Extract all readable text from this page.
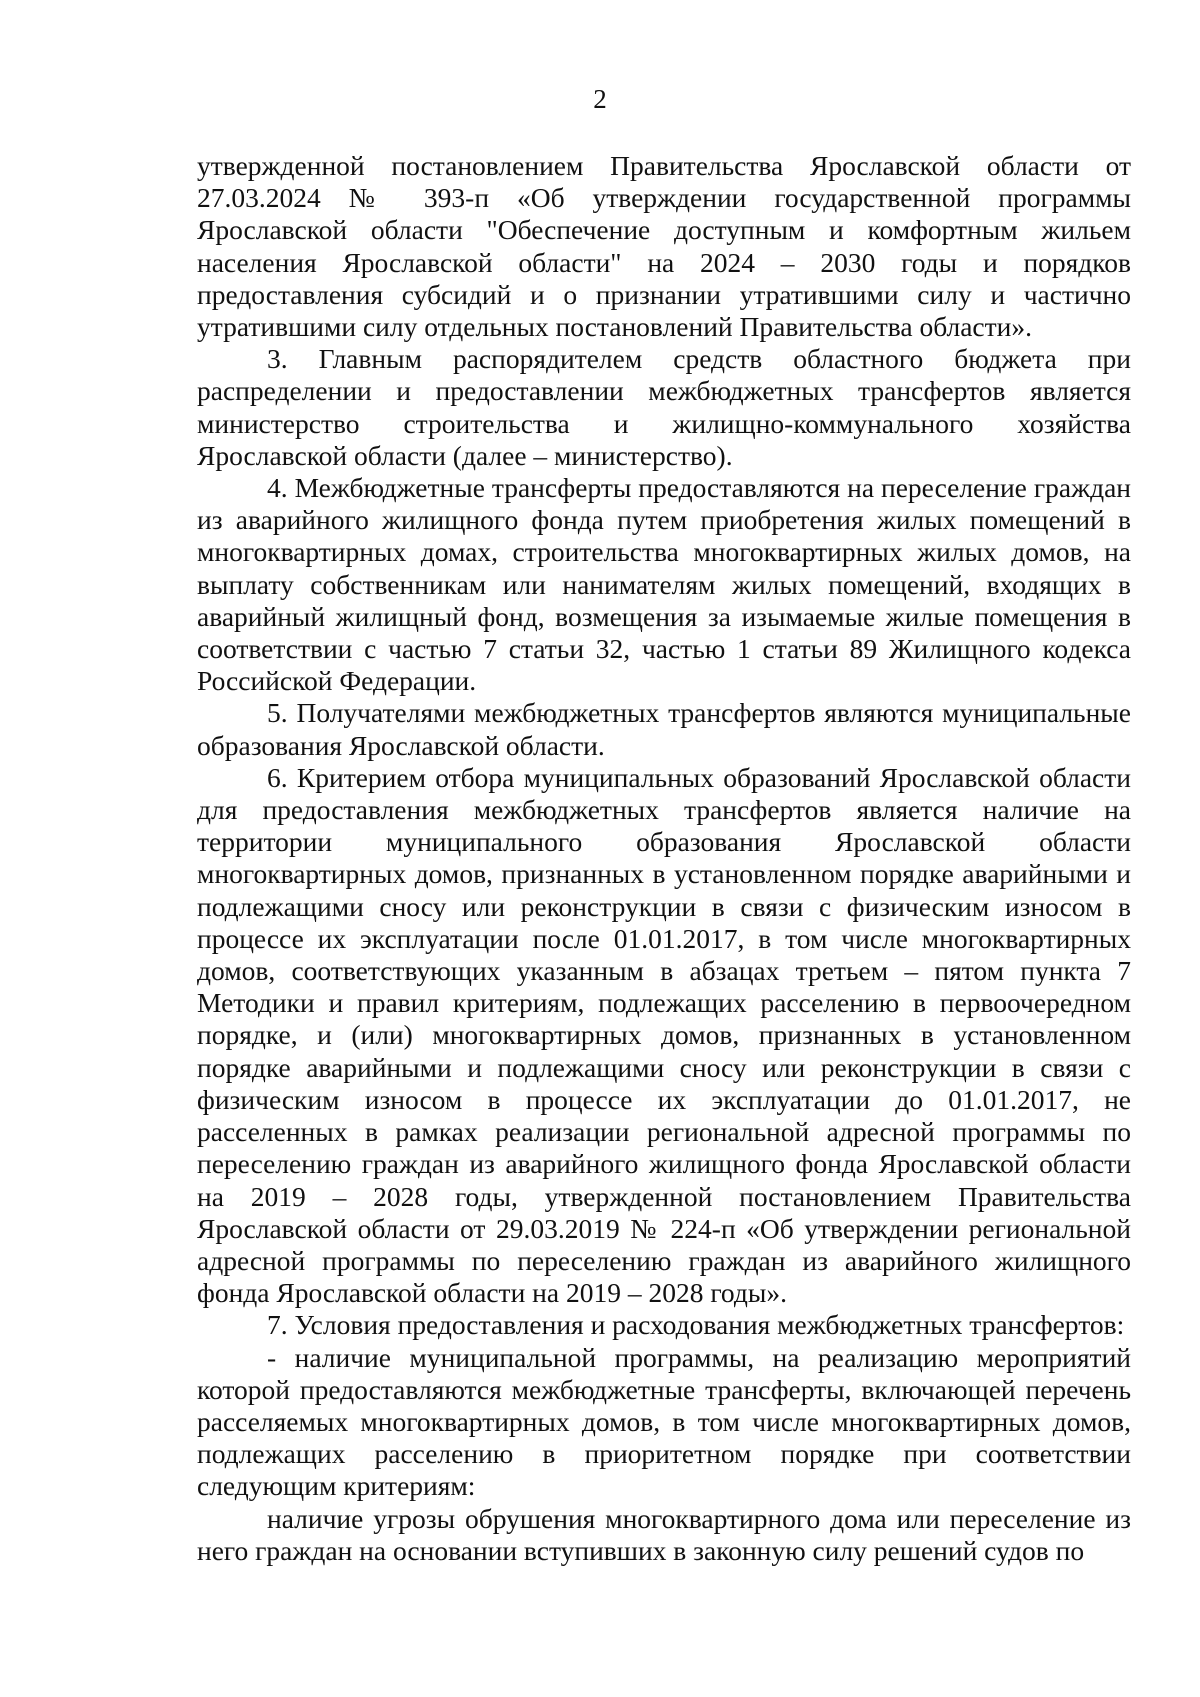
2

утвержденной постановлением Правительства Ярославской области от 27.03.2024 № 393-п «Об утверждении государственной программы Ярославской области "Обеспечение доступным и комфортным жильем населения Ярославской области" на 2024 – 2030 годы и порядков предоставления субсидий и о признании утратившими силу и частично утратившими силу отдельных постановлений Правительства области».

3. Главным распорядителем средств областного бюджета при распределении и предоставлении межбюджетных трансфертов является министерство строительства и жилищно-коммунального хозяйства Ярославской области (далее – министерство).

4. Межбюджетные трансферты предоставляются на переселение граждан из аварийного жилищного фонда путем приобретения жилых помещений в многоквартирных домах, строительства многоквартирных жилых домов, на выплату собственникам или нанимателям жилых помещений, входящих в аварийный жилищный фонд, возмещения за изымаемые жилые помещения в соответствии с частью 7 статьи 32, частью 1 статьи 89 Жилищного кодекса Российской Федерации.

5. Получателями межбюджетных трансфертов являются муниципальные образования Ярославской области.

6. Критерием отбора муниципальных образований Ярославской области для предоставления межбюджетных трансфертов является наличие на территории муниципального образования Ярославской области многоквартирных домов, признанных в установленном порядке аварийными и подлежащими сносу или реконструкции в связи с физическим износом в процессе их эксплуатации после 01.01.2017, в том числе многоквартирных домов, соответствующих указанным в абзацах третьем – пятом пункта 7 Методики и правил критериям, подлежащих расселению в первоочередном порядке, и (или) многоквартирных домов, признанных в установленном порядке аварийными и подлежащими сносу или реконструкции в связи с физическим износом в процессе их эксплуатации до 01.01.2017, не расселенных в рамках реализации региональной адресной программы по переселению граждан из аварийного жилищного фонда Ярославской области на 2019 – 2028 годы, утвержденной постановлением Правительства Ярославской области от 29.03.2019 № 224-п «Об утверждении региональной адресной программы по переселению граждан из аварийного жилищного фонда Ярославской области на 2019 – 2028 годы».

7. Условия предоставления и расходования межбюджетных трансфертов:

- наличие муниципальной программы, на реализацию мероприятий которой предоставляются межбюджетные трансферты, включающей перечень расселяемых многоквартирных домов, в том числе многоквартирных домов, подлежащих расселению в приоритетном порядке при соответствии следующим критериям:

наличие угрозы обрушения многоквартирного дома или переселение из него граждан на основании вступивших в законную силу решений судов по
